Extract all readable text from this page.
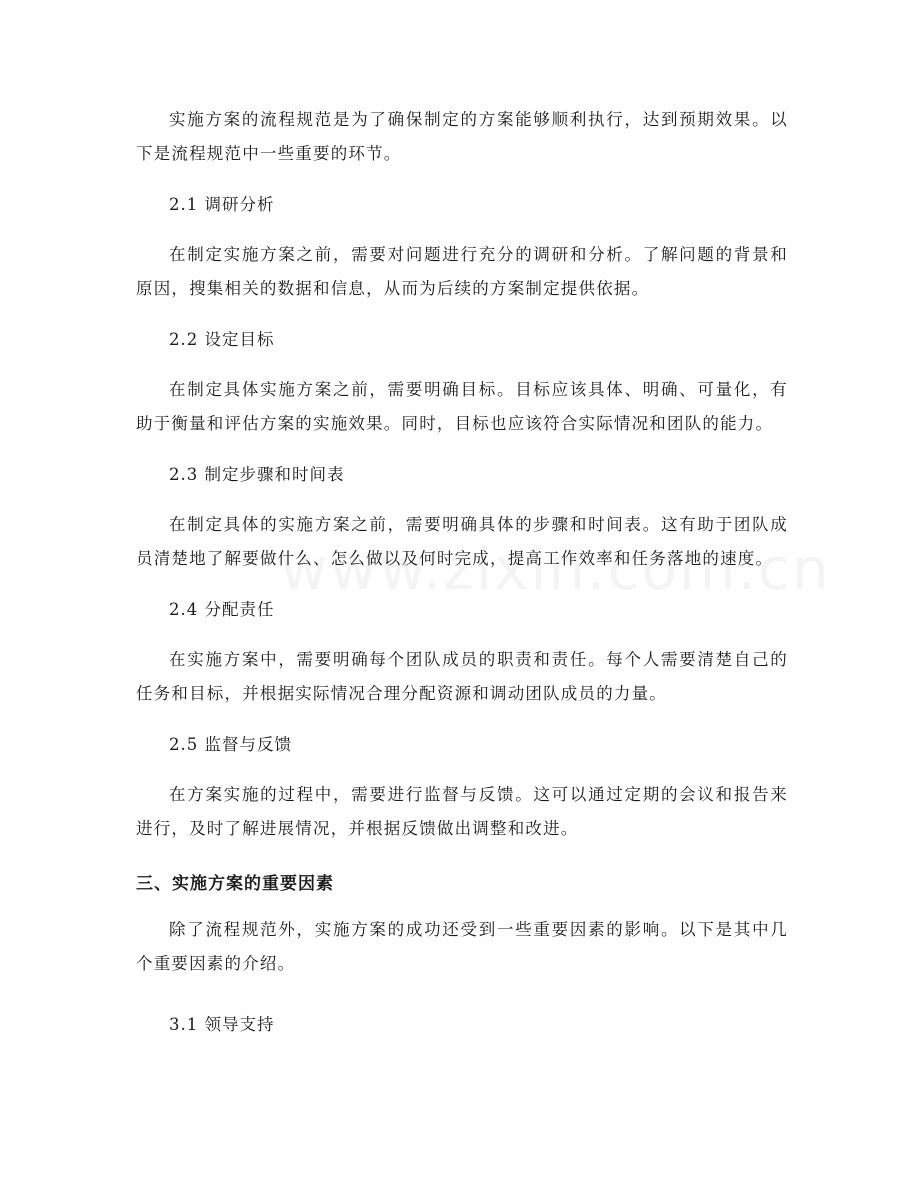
实施方案的流程规范是为了确保制定的方案能够顺利执行，达到预期效果。以下是流程规范中一些重要的环节。

2.1 调研分析

在制定实施方案之前，需要对问题进行充分的调研和分析。了解问题的背景和原因，搜集相关的数据和信息，从而为后续的方案制定提供依据。

2.2 设定目标

在制定具体实施方案之前，需要明确目标。目标应该具体、明确、可量化，有助于衡量和评估方案的实施效果。同时，目标也应该符合实际情况和团队的能力。

2.3 制定步骤和时间表

在制定具体的实施方案之前，需要明确具体的步骤和时间表。这有助于团队成员清楚地了解要做什么、怎么做以及何时完成，提高工作效率和任务落地的速度。

2.4 分配责任

在实施方案中，需要明确每个团队成员的职责和责任。每个人需要清楚自己的任务和目标，并根据实际情况合理分配资源和调动团队成员的力量。

2.5 监督与反馈

在方案实施的过程中，需要进行监督与反馈。这可以通过定期的会议和报告来进行，及时了解进展情况，并根据反馈做出调整和改进。

三、实施方案的重要因素

除了流程规范外，实施方案的成功还受到一些重要因素的影响。以下是其中几个重要因素的介绍。

3.1 领导支持
